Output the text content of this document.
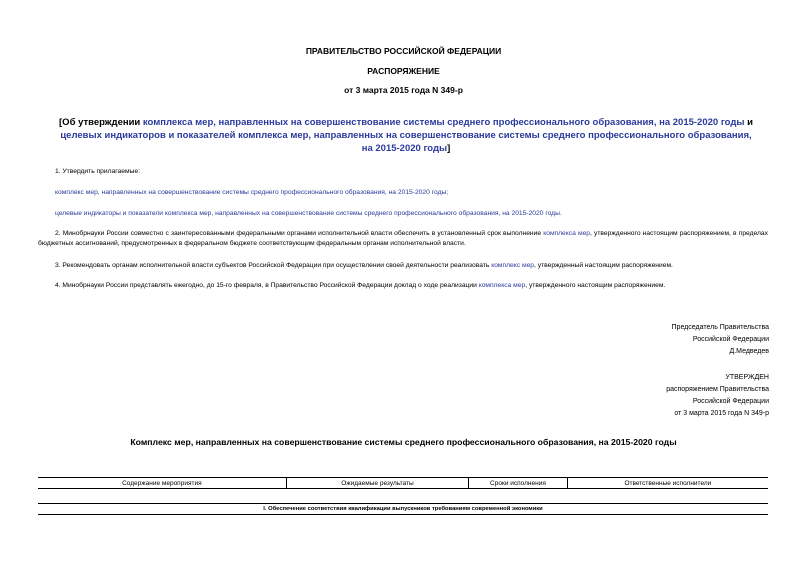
ПРАВИТЕЛЬСТВО РОССИЙСКОЙ ФЕДЕРАЦИИ
РАСПОРЯЖЕНИЕ
от 3 марта 2015 года N 349-р
[Об утверждении комплекса мер, направленных на совершенствование системы среднего профессионального образования, на 2015-2020 годы и целевых индикаторов и показателей комплекса мер, направленных на совершенствование системы среднего профессионального образования, на 2015-2020 годы]
1. Утвердить прилагаемые:
комплекс мер, направленных на совершенствование системы среднего профессионального образования, на 2015-2020 годы;
целевые индикаторы и показатели комплекса мер, направленных на совершенствование системы среднего профессионального образования, на 2015-2020 годы.
2. Минобрнауки России совместно с заинтересованными федеральными органами исполнительной власти обеспечить в установленный срок выполнение комплекса мер, утвержденного настоящим распоряжением, в пределах бюджетных ассигнований, предусмотренных в федеральном бюджете соответствующим федеральным органам исполнительной власти.
3. Рекомендовать органам исполнительной власти субъектов Российской Федерации при осуществлении своей деятельности реализовать комплекс мер, утвержденный настоящим распоряжением.
4. Минобрнауки России представлять ежегодно, до 15-го февраля, в Правительство Российской Федерации доклад о ходе реализации комплекса мер, утвержденного настоящим распоряжением.
Председатель Правительства
Российской Федерации
Д.Медведев
УТВЕРЖДЕН
распоряжением Правительства
Российской Федерации
от 3 марта 2015 года N 349-р
Комплекс мер, направленных на совершенствование системы среднего профессионального образования, на 2015-2020 годы
Содержание мероприятия	Ожидаемые результаты	Сроки исполнения	Ответственные исполнители
I. Обеспечение соответствия квалификации выпускников требованиям современной экономики
